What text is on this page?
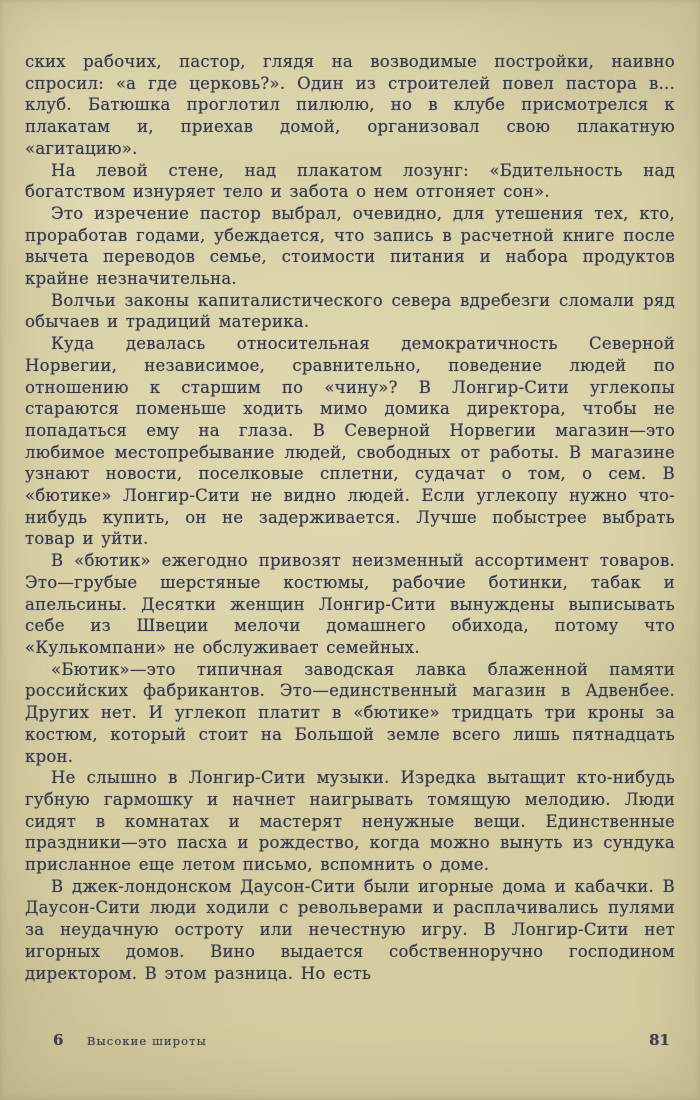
ских рабочих, пастор, глядя на возводимые постройки, наивно спросил: «а где церковь?». Один из строителей повел пастора в... клуб. Батюшка проглотил пилюлю, но в клубе присмотрелся к плакатам и, приехав домой, организовал свою плакатную «агитацию».

На левой стене, над плакатом лозунг: «Бдительность над богатством изнуряет тело и забота о нем отгоняет сон».

Это изречение пастор выбрал, очевидно, для утешения тех, кто, проработав годами, убеждается, что запись в расчетной книге после вычета переводов семье, стоимости питания и набора продуктов крайне незначительна.

Волчьи законы капиталистического севера вдребезги сломали ряд обычаев и традиций материка.

Куда девалась относительная демократичность Северной Норвегии, независимое, сравнительно, поведение людей по отношению к старшим по «чину»? В Лонгир-Сити углекопы стараются поменьше ходить мимо домика директора, чтобы не попадаться ему на глаза. В Северной Норвегии магазин—это любимое местопребывание людей, свободных от работы. В магазине узнают новости, поселковые сплетни, судачат о том, о сем. В «бютике» Лонгир-Сити не видно людей. Если углекопу нужно что-нибудь купить, он не задерживается. Лучше побыстрее выбрать товар и уйти.

В «бютик» ежегодно привозят неизменный ассортимент товаров. Это—грубые шерстяные костюмы, рабочие ботинки, табак и апельсины. Десятки женщин Лонгир-Сити вынуждены выписывать себе из Швеции мелочи домашнего обихода, потому что «Кулькомпани» не обслуживает семейных.

«Бютик»—это типичная заводская лавка блаженной памяти российских фабрикантов. Это—единственный магазин в Адвенбее. Других нет. И углекоп платит в «бютике» тридцать три кроны за костюм, который стоит на Большой земле всего лишь пятнадцать крон.

Не слышно в Лонгир-Сити музыки. Изредка вытащит кто-нибудь губную гармошку и начнет наигрывать томящую мелодию. Люди сидят в комнатах и мастерят ненужные вещи. Единственные праздники—это пасха и рождество, когда можно вынуть из сундука присланное еще летом письмо, вспомнить о доме.

В джек-лондонском Даусон-Сити были игорные дома и кабачки. В Даусон-Сити люди ходили с револьверами и расплачивались пулями за неудачную остроту или нечестную игру. В Лонгир-Сити нет игорных домов. Вино выдается собственноручно господином директором. В этом разница. Но есть

6 Высокие широты	81
